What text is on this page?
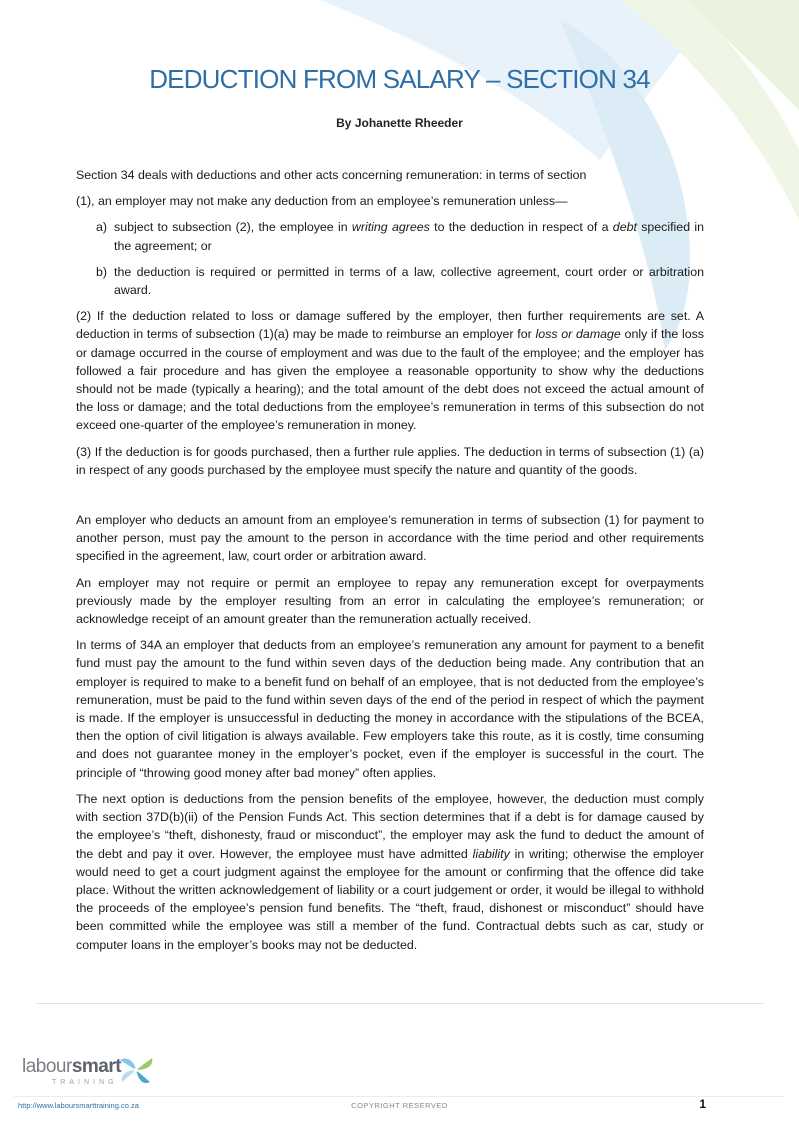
DEDUCTION FROM SALARY – SECTION 34
By Johanette Rheeder

Section 34 deals with deductions and other acts concerning remuneration: in terms of section

(1), an employer may not make any deduction from an employee’s remuneration unless—

a) subject to subsection (2), the employee in writing agrees to the deduction in respect of a debt specified in the agreement; or
b) the deduction is required or permitted in terms of a law, collective agreement, court order or arbitration award.

(2) If the deduction related to loss or damage suffered by the employer, then further requirements are set. A deduction in terms of subsection (1)(a) may be made to reimburse an employer for loss or damage only if the loss or damage occurred in the course of employment and was due to the fault of the employee; and the employer has followed a fair procedure and has given the employee a reasonable opportunity to show why the deductions should not be made (typically a hearing); and the total amount of the debt does not exceed the actual amount of the loss or damage; and the total deductions from the employee’s remuneration in terms of this subsection do not exceed one-quarter of the employee’s remuneration in money.

(3) If the deduction is for goods purchased, then a further rule applies. The deduction in terms of subsection (1) (a) in respect of any goods purchased by the employee must specify the nature and quantity of the goods.

An employer who deducts an amount from an employee’s remuneration in terms of subsection (1) for payment to another person, must pay the amount to the person in accordance with the time period and other requirements specified in the agreement, law, court order or arbitration award.

An employer may not require or permit an employee to repay any remuneration except for overpayments previously made by the employer resulting from an error in calculating the employee’s remuneration; or acknowledge receipt of an amount greater than the remuneration actually received.

In terms of 34A an employer that deducts from an employee’s remuneration any amount for payment to a benefit fund must pay the amount to the fund within seven days of the deduction being made. Any contribution that an employer is required to make to a benefit fund on behalf of an employee, that is not deducted from the employee’s remuneration, must be paid to the fund within seven days of the end of the period in respect of which the payment is made. If the employer is unsuccessful in deducting the money in accordance with the stipulations of the BCEA, then the option of civil litigation is always available. Few employers take this route, as it is costly, time consuming and does not guarantee money in the employer’s pocket, even if the employer is successful in the court. The principle of “throwing good money after bad money” often applies.

The next option is deductions from the pension benefits of the employee, however, the deduction must comply with section 37D(b)(ii) of the Pension Funds Act. This section determines that if a debt is for damage caused by the employee’s “theft, dishonesty, fraud or misconduct”, the employer may ask the fund to deduct the amount of the debt and pay it over. However, the employee must have admitted liability in writing; otherwise the employer would need to get a court judgment against the employee for the amount or confirming that the offence did take place. Without the written acknowledgement of liability or a court judgement or order, it would be illegal to withhold the proceeds of the employee’s pension fund benefits. The “theft, fraud, dishonest or misconduct” should have been committed while the employee was still a member of the fund. Contractual debts such as car, study or computer loans in the employer’s books may not be deducted.

laboursmart
TRAINING
http://www.laboursmarttraining.co.za	COPYRIGHT RESERVED	1
